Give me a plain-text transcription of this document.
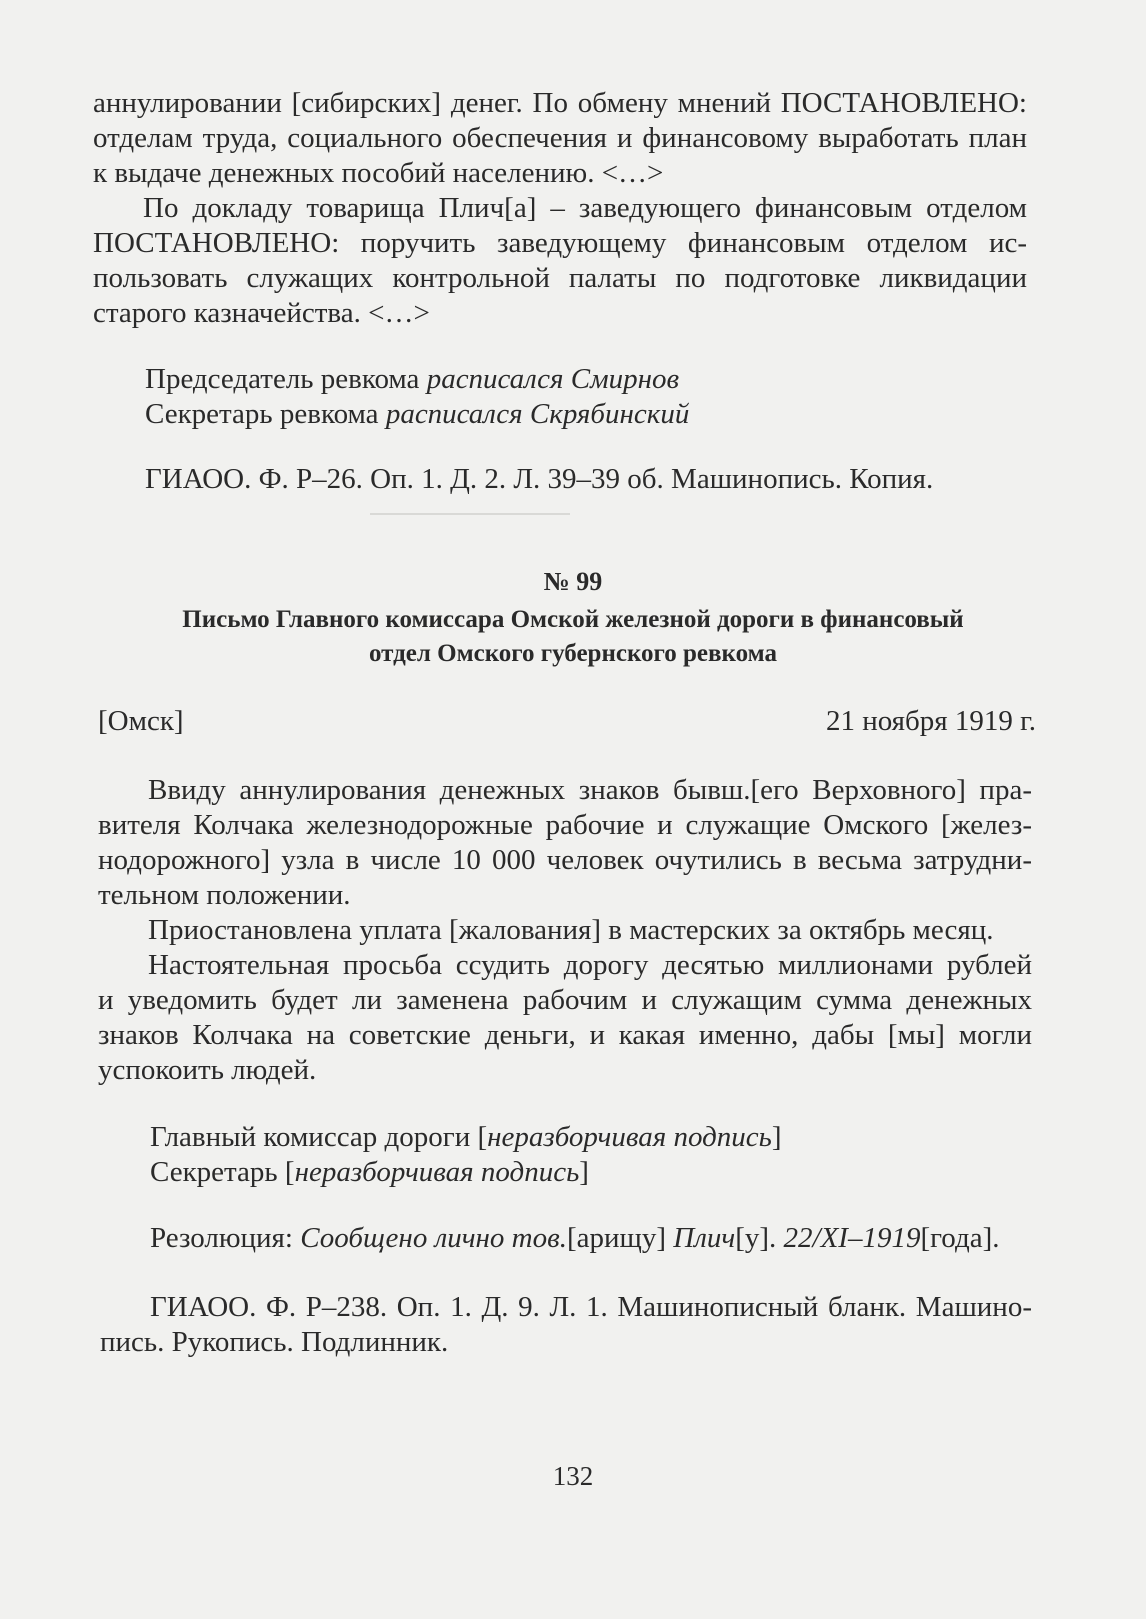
аннулировании [сибирских] денег. По обмену мнений ПОСТАНОВЛЕНО:
отделам труда, социального обеспечения и финансовому выработать план
к выдаче денежных пособий населению. <…>
По докладу товарища Плич[а] – заведующего финансовым отделом
ПОСТАНОВЛЕНО: поручить заведующему финансовым отделом ис-
пользовать служащих контрольной палаты по подготовке ликвидации
старого казначейства. <…>
Председатель ревкома расписался Смирнов
Секретарь ревкома расписался Скрябинский
ГИАОО. Ф. Р–26. Оп. 1. Д. 2. Л. 39–39 об. Машинопись. Копия.
№ 99
Письмо Главного комиссара Омской железной дороги в финансовый
отдел Омского губернского ревкома
[Омск]	21 ноября 1919 г.
Ввиду аннулирования денежных знаков бывш.[его Верховного] пра-
вителя Колчака железнодорожные рабочие и служащие Омского [желез-
нодорожного] узла в числе 10 000 человек очутились в весьма затрудни-
тельном положении.
Приостановлена уплата [жалования] в мастерских за октябрь месяц.
Настоятельная просьба ссудить дорогу десятью миллионами рублей
и уведомить будет ли заменена рабочим и служащим сумма денежных
знаков Колчака на советские деньги, и какая именно, дабы [мы] могли
успокоить людей.
Главный комиссар дороги [неразборчивая подпись]
Секретарь [неразборчивая подпись]
Резолюция: Сообщено лично тов.[арищу] Плич[у]. 22/XI–1919[года].
ГИАОО. Ф. Р–238. Оп. 1. Д. 9. Л. 1. Машинописный бланк. Машино-
пись. Рукопись. Подлинник.
132
